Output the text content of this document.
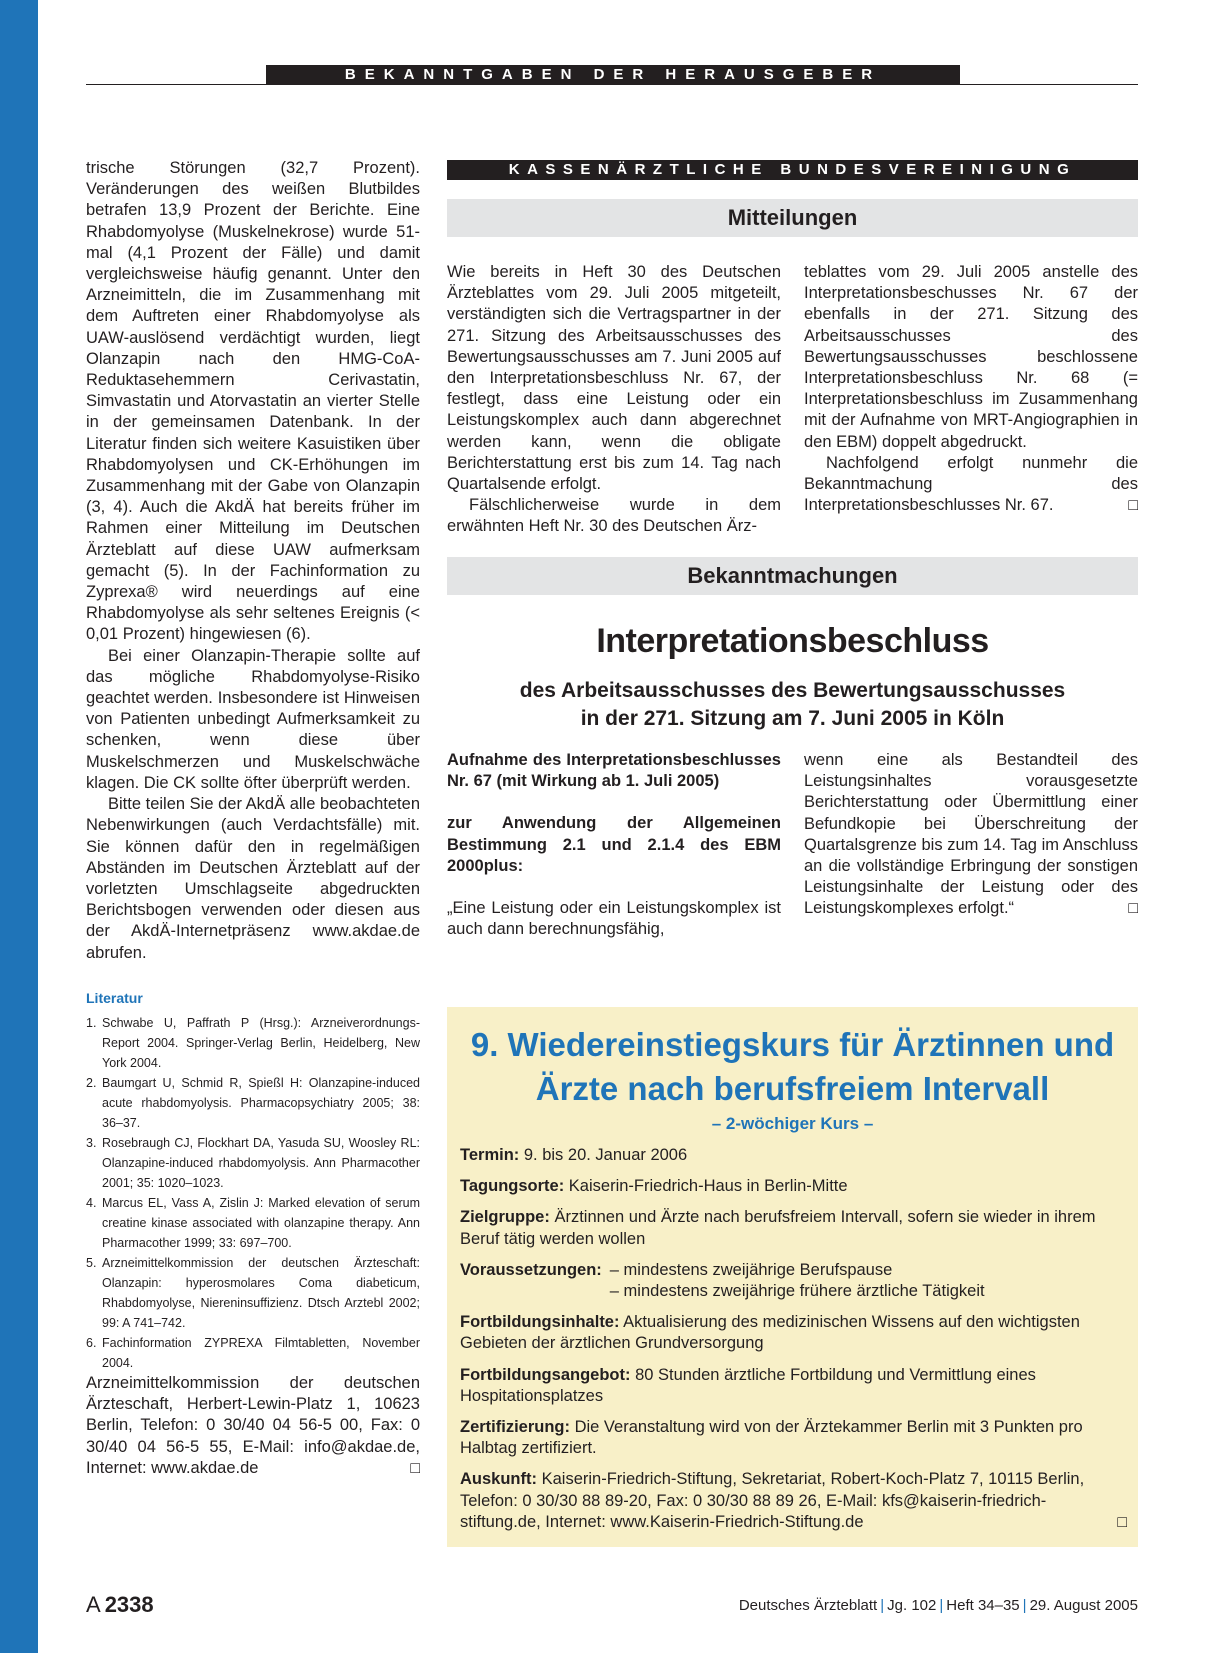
BEKANNTGABEN DER HERAUSGEBER

trische Störungen (32,7 Prozent). Veränderungen des weißen Blutbildes betrafen 13,9 Prozent der Berichte. Eine Rhabdomyolyse (Muskelnekrose) wurde 51-mal (4,1 Prozent der Fälle) und damit vergleichsweise häufig genannt. Unter den Arzneimitteln, die im Zusammenhang mit dem Auftreten einer Rhabdomyolyse als UAW-auslösend verdächtigt wurden, liegt Olanzapin nach den HMG-CoA-Reduktasehemmern Cerivastatin, Simvastatin und Atorvastatin an vierter Stelle in der gemeinsamen Datenbank. In der Literatur finden sich weitere Kasuistiken über Rhabdomyolysen und CK-Erhöhungen im Zusammenhang mit der Gabe von Olanzapin (3, 4). Auch die AkdÄ hat bereits früher im Rahmen einer Mitteilung im Deutschen Ärzteblatt auf diese UAW aufmerksam gemacht (5). In der Fachinformation zu Zyprexa® wird neuerdings auf eine Rhabdomyolyse als sehr seltenes Ereignis (< 0,01 Prozent) hingewiesen (6).

Bei einer Olanzapin-Therapie sollte auf das mögliche Rhabdomyolyse-Risiko geachtet werden. Insbesondere ist Hinweisen von Patienten unbedingt Aufmerksamkeit zu schenken, wenn diese über Muskelschmerzen und Muskelschwäche klagen. Die CK sollte öfter überprüft werden.

Bitte teilen Sie der AkdÄ alle beobachteten Nebenwirkungen (auch Verdachtsfälle) mit. Sie können dafür den in regelmäßigen Abständen im Deutschen Ärzteblatt auf der vorletzten Umschlagseite abgedruckten Berichtsbogen verwenden oder diesen aus der AkdÄ-Internetpräsenz www.akdae.de abrufen.

Literatur
1. Schwabe U, Paffrath P (Hrsg.): Arzneiverordnungs-Report 2004. Springer-Verlag Berlin, Heidelberg, New York 2004.
2. Baumgart U, Schmid R, Spießl H: Olanzapine-induced acute rhabdomyolysis. Pharmacopsychiatry 2005; 38: 36–37.
3. Rosebraugh CJ, Flockhart DA, Yasuda SU, Woosley RL: Olanzapine-induced rhabdomyolysis. Ann Pharmacother 2001; 35: 1020–1023.
4. Marcus EL, Vass A, Zislin J: Marked elevation of serum creatine kinase associated with olanzapine therapy. Ann Pharmacother 1999; 33: 697–700.
5. Arzneimittelkommission der deutschen Ärzteschaft: Olanzapin: hyperosmolares Coma diabeticum, Rhabdomyolyse, Niereninsuffizienz. Dtsch Arztebl 2002; 99: A 741–742.
6. Fachinformation ZYPREXA Filmtabletten, November 2004.

Arzneimittelkommission der deutschen Ärzteschaft, Herbert-Lewin-Platz 1, 10623 Berlin, Telefon: 0 30/40 04 56-5 00, Fax: 0 30/40 04 56-5 55, E-Mail: info@akdae.de, Internet: www.akdae.de	□

KASSENÄRZTLICHE BUNDESVEREINIGUNG
Mitteilungen

Wie bereits in Heft 30 des Deutschen Ärzteblattes vom 29. Juli 2005 mitgeteilt, verständigten sich die Vertragspartner in der 271. Sitzung des Arbeitsausschusses des Bewertungsausschusses am 7. Juni 2005 auf den Interpretationsbeschluss Nr. 67, der festlegt, dass eine Leistung oder ein Leistungskomplex auch dann abgerechnet werden kann, wenn die obligate Berichterstattung erst bis zum 14. Tag nach Quartalsende erfolgt.

Fälschlicherweise wurde in dem erwähnten Heft Nr. 30 des Deutschen Ärz-

teblattes vom 29. Juli 2005 anstelle des Interpretationsbeschusses Nr. 67 der ebenfalls in der 271. Sitzung des Arbeitsausschusses des Bewertungsausschusses beschlossene Interpretationsbeschluss Nr. 68 (= Interpretationsbeschluss im Zusammenhang mit der Aufnahme von MRT-Angiographien in den EBM) doppelt abgedruckt.

Nachfolgend erfolgt nunmehr die Bekanntmachung des Interpretationsbeschlusses Nr. 67.	□

Bekanntmachungen
Interpretationsbeschluss
des Arbeitsausschusses des Bewertungsausschusses
in der 271. Sitzung am 7. Juni 2005 in Köln

Aufnahme des Interpretationsbeschlusses Nr. 67 (mit Wirkung ab 1. Juli 2005)

zur Anwendung der Allgemeinen Bestimmung 2.1 und 2.1.4 des EBM 2000plus:

„Eine Leistung oder ein Leistungskomplex ist auch dann berechnungsfähig,

wenn eine als Bestandteil des Leistungsinhaltes vorausgesetzte Berichterstattung oder Übermittlung einer Befundkopie bei Überschreitung der Quartalsgrenze bis zum 14. Tag im Anschluss an die vollständige Erbringung der sonstigen Leistungsinhalte der Leistung oder des Leistungskomplexes erfolgt.“	□

9. Wiedereinstiegskurs für Ärztinnen und
Ärzte nach berufsfreiem Intervall
– 2-wöchiger Kurs –

Termin: 9. bis 20. Januar 2006

Tagungsorte: Kaiserin-Friedrich-Haus in Berlin-Mitte

Zielgruppe: Ärztinnen und Ärzte nach berufsfreiem Intervall, sofern sie wieder in ihrem Beruf tätig werden wollen

Voraussetzungen: – mindestens zweijährige Berufspause
– mindestens zweijährige frühere ärztliche Tätigkeit

Fortbildungsinhalte: Aktualisierung des medizinischen Wissens auf den wichtigsten Gebieten der ärztlichen Grundversorgung

Fortbildungsangebot: 80 Stunden ärztliche Fortbildung und Vermittlung eines Hospitationsplatzes

Zertifizierung: Die Veranstaltung wird von der Ärztekammer Berlin mit 3 Punkten pro Halbtag zertifiziert.

Auskunft: Kaiserin-Friedrich-Stiftung, Sekretariat, Robert-Koch-Platz 7, 10115 Berlin, Telefon: 0 30/30 88 89-20, Fax: 0 30/30 88 89 26, E-Mail: kfs@kaiserin-friedrich-stiftung.de, Internet: www.Kaiserin-Friedrich-Stiftung.de	□

A 2338	Deutsches Ärzteblatt | Jg. 102 | Heft 34–35 | 29. August 2005
